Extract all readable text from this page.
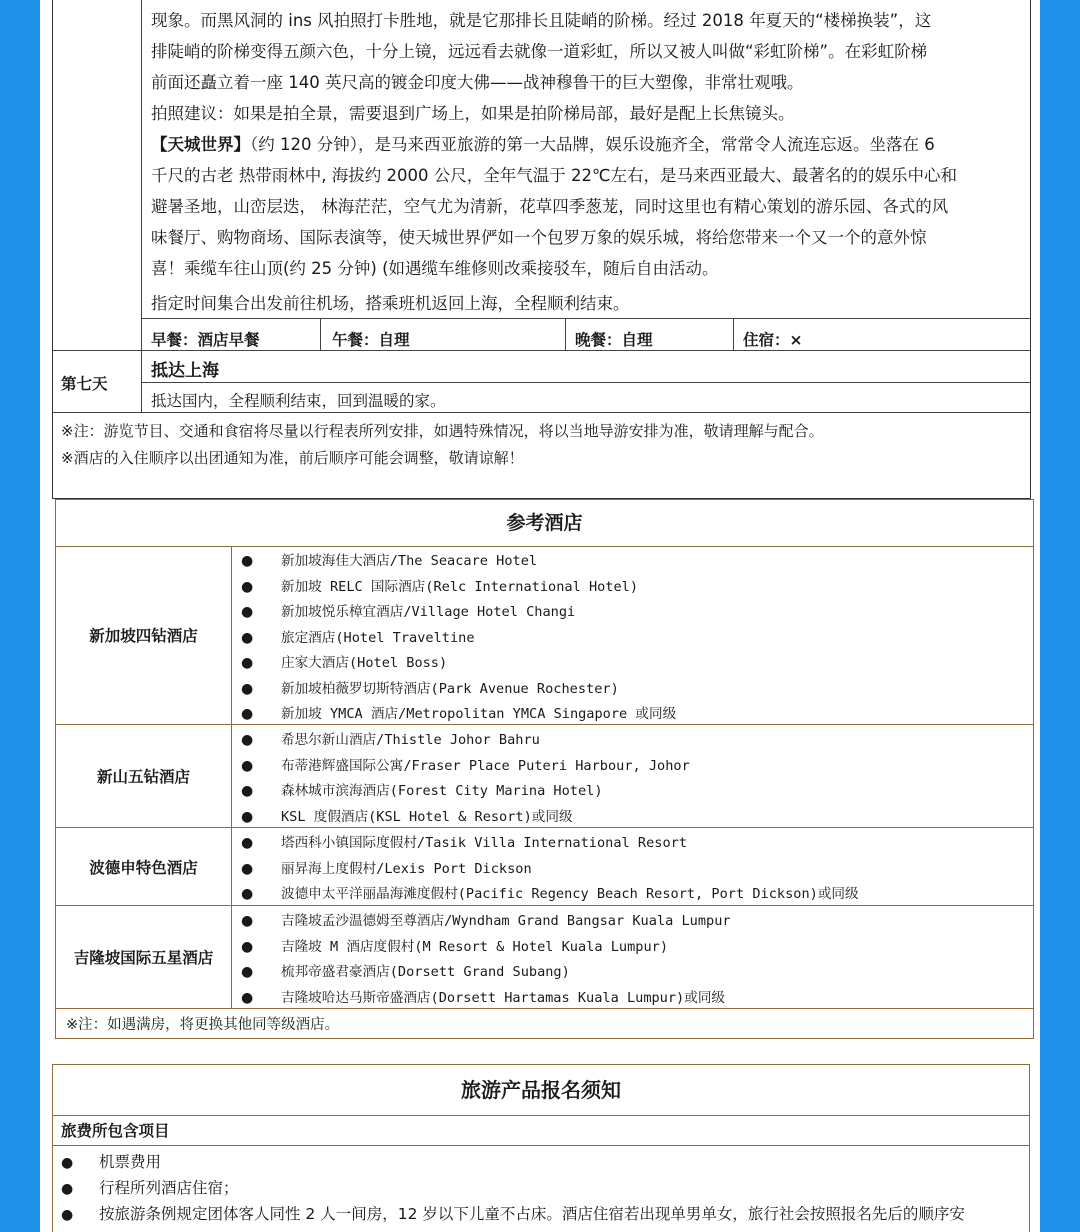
现象。而黑风洞的 ins 风拍照打卡胜地，就是它那排长且陡峭的阶梯。经过 2018 年夏天的“楼梯换装”，这

排陡峭的阶梯变得五颜六色，十分上镜，远远看去就像一道彩虹，所以又被人叫做“彩虹阶梯”。在彩虹阶梯

前面还矗立着一座 140 英尺高的镀金印度大佛——战神穆鲁干的巨大塑像，非常壮观哦。

拍照建议：如果是拍全景，需要退到广场上，如果是拍阶梯局部，最好是配上长焦镜头。

【天城世界】（约 120 分钟），是马来西亚旅游的第一大品牌，娱乐设施齐全，常常令人流连忘返。坐落在 6

千尺的古老 热带雨林中, 海拔约 2000 公尺，全年气温于 22℃左右，是马来西亚最大、最著名的的娱乐中心和

避暑圣地，山峦层迭， 林海茫茫，空气尤为清新，花草四季葱茏，同时这里也有精心策划的游乐园、各式的风

味餐厅、购物商场、国际表演等，使天城世界俨如一个包罗万象的娱乐城，将给您带来一个又一个的意外惊

喜！乘缆车往山顶(约 25 分钟) (如遇缆车维修则改乘接驳车，随后自由活动。

指定时间集合出发前往机场，搭乘班机返回上海，全程顺利结束。

早餐：酒店早餐	午餐：自理	晚餐：自理	住宿：×
第七天
抵达上海
抵达国内，全程顺利结束，回到温暖的家。
※注：游览节目、交通和食宿将尽量以行程表所列安排，如遇特殊情况，将以当地导游安排为准，敬请理解与配合。
※酒店的入住顺序以出团通知为准，前后顺序可能会调整，敬请谅解！
参考酒店
新加坡四钻酒店
● 新加坡海佳大酒店/The Seacare Hotel
● 新加坡 RELC 国际酒店(Relc International Hotel)
● 新加坡悦乐樟宜酒店/Village Hotel Changi
● 旅定酒店(Hotel Traveltine
● 庄家大酒店(Hotel Boss)
● 新加坡柏薇罗切斯特酒店(Park Avenue Rochester)
● 新加坡 YMCA 酒店/Metropolitan YMCA Singapore 或同级
新山五钻酒店
● 希思尔新山酒店/Thistle Johor Bahru
● 布蒂港辉盛国际公寓/Fraser Place Puteri Harbour, Johor
● 森林城市滨海酒店(Forest City Marina Hotel)
● KSL 度假酒店(KSL Hotel & Resort)或同级
波德申特色酒店
● 塔西科小镇国际度假村/Tasik Villa International Resort
● 丽昇海上度假村/Lexis Port Dickson
● 波德申太平洋丽晶海滩度假村(Pacific Regency Beach Resort, Port Dickson)或同级
吉隆坡国际五星酒店
● 吉隆坡孟沙温德姆至尊酒店/Wyndham Grand Bangsar Kuala Lumpur
● 吉隆坡 M 酒店度假村(M Resort & Hotel Kuala Lumpur)
● 梳邦帝盛君豪酒店(Dorsett Grand Subang)
● 吉隆坡哈达马斯帝盛酒店(Dorsett Hartamas Kuala Lumpur)或同级
※注：如遇满房，将更换其他同等级酒店。
旅游产品报名须知
旅费所包含项目
● 机票费用
● 行程所列酒店住宿；
● 按旅游条例规定团体客人同性 2 人一间房，12 岁以下儿童不占床。酒店住宿若出现单男单女，旅行社会按照报名先后的顺序安
